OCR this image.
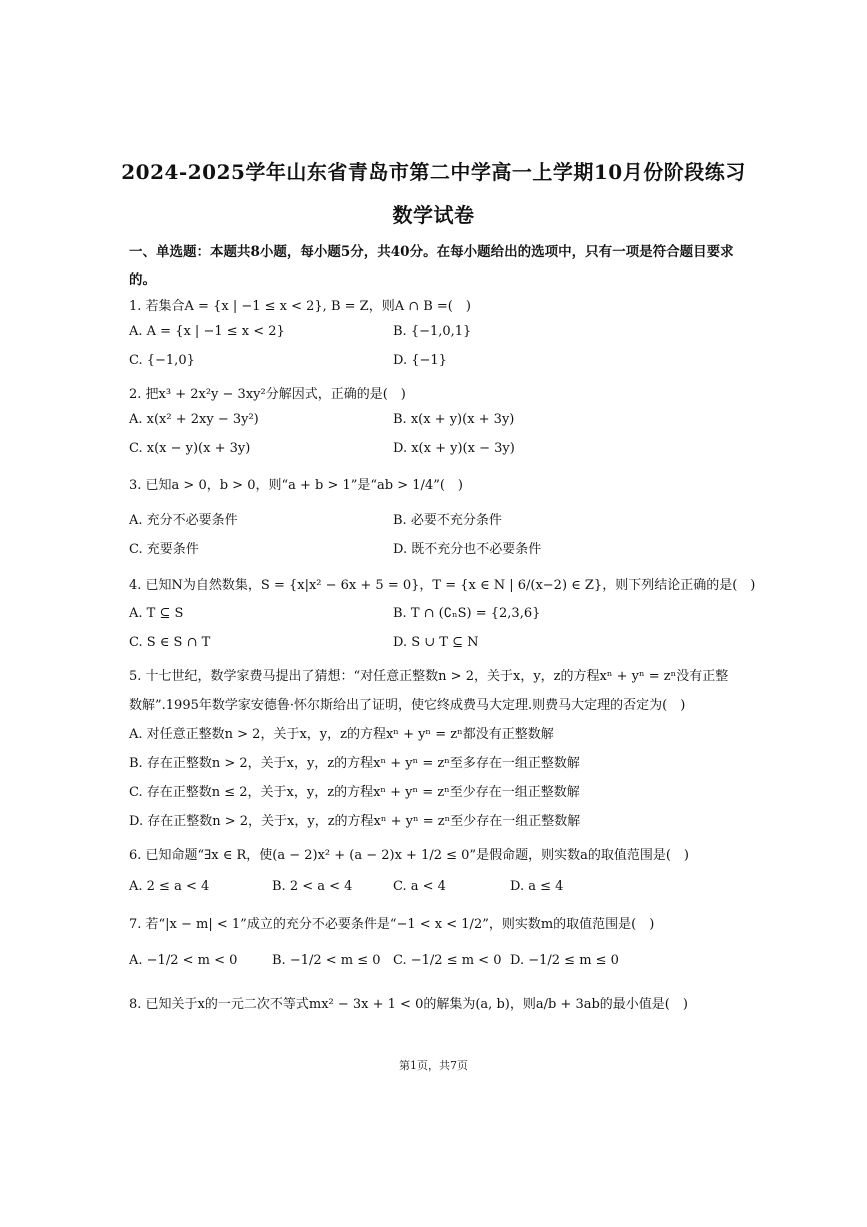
2024-2025学年山东省青岛市第二中学高一上学期10月份阶段练习
数学试卷
一、单选题：本题共8小题，每小题5分，共40分。在每小题给出的选项中，只有一项是符合题目要求的。
1. 若集合A = {x | −1 ≤ x < 2}, B = Z，则A ∩ B =(　)
A. A = {x | −1 ≤ x < 2}	B. {−1,0,1}
C. {−1,0}	D. {−1}
2. 把x³ + 2x²y − 3xy²分解因式，正确的是(　)
A. x(x² + 2xy − 3y²)	B. x(x + y)(x + 3y)
C. x(x − y)(x + 3y)	D. x(x + y)(x − 3y)
3. 已知a > 0，b > 0，则“a + b > 1”是“ab > 1/4”(　)
A. 充分不必要条件	B. 必要不充分条件
C. 充要条件	D. 既不充分也不必要条件
4. 已知N为自然数集，S = {x|x² − 6x + 5 = 0}，T = {x ∈ N | 6/(x−2) ∈ Z}，则下列结论正确的是(　)
A. T ⊆ S	B. T ∩ (∁ₙS) = {2,3,6}
C. S ∈ S ∩ T	D. S ∪ T ⊆ N
5. 十七世纪，数学家费马提出了猜想：“对任意正整数n > 2，关于x，y，z的方程xⁿ + yⁿ = zⁿ没有正整
数解”.1995年数学家安德鲁·怀尔斯给出了证明，使它终成费马大定理.则费马大定理的否定为(　)
A. 对任意正整数n > 2，关于x，y，z的方程xⁿ + yⁿ = zⁿ都没有正整数解
B. 存在正整数n > 2，关于x，y，z的方程xⁿ + yⁿ = zⁿ至多存在一组正整数解
C. 存在正整数n ≤ 2，关于x，y，z的方程xⁿ + yⁿ = zⁿ至少存在一组正整数解
D. 存在正整数n > 2，关于x，y，z的方程xⁿ + yⁿ = zⁿ至少存在一组正整数解
6. 已知命题“∃x ∈ R，使(a − 2)x² + (a − 2)x + 1/2 ≤ 0”是假命题，则实数a的取值范围是(　)
A. 2 ≤ a < 4	B. 2 < a < 4	C. a < 4	D. a ≤ 4
7. 若“|x − m| < 1”成立的充分不必要条件是“−1 < x < 1/2”，则实数m的取值范围是(　)
A. −1/2 < m < 0	B. −1/2 < m ≤ 0 C. −1/2 ≤ m < 0 D. −1/2 ≤ m ≤ 0
8. 已知关于x的一元二次不等式mx² − 3x + 1 < 0的解集为(a, b)，则a/b + 3ab的最小值是(　)
第1页，共7页
